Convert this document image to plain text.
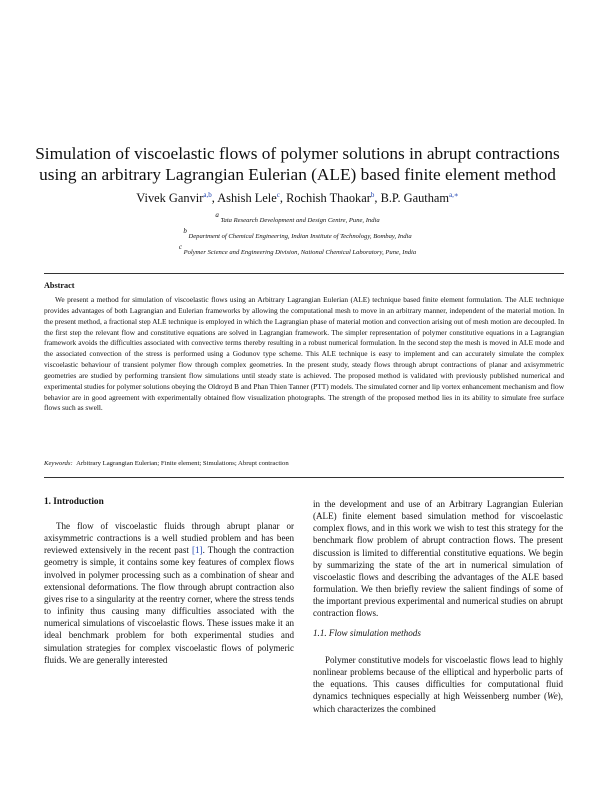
Simulation of viscoelastic flows of polymer solutions in abrupt contractions using an arbitrary Lagrangian Eulerian (ALE) based finite element method
Vivek Ganvir$^{a,b}$, Ashish Lele$^c$, Rochish Thaokar$^b$, B.P. Gautham$^{a,∗}$
$^a$ Tata Research Development and Design Centre, Pune, India
$^b$ Department of Chemical Engineering, Indian Institute of Technology, Bombay, India
$^c$ Polymer Science and Engineering Division, National Chemical Laboratory, Pune, India
Abstract
We present a method for simulation of viscoelastic flows using an Arbitrary Lagrangian Eulerian (ALE) technique based finite element formulation. The ALE technique provides advantages of both Lagrangian and Eulerian frameworks by allowing the computational mesh to move in an arbitrary manner, independent of the material motion. In the present method, a fractional step ALE technique is employed in which the Lagrangian phase of material motion and convection arising out of mesh motion are decoupled. In the first step the relevant flow and constitutive equations are solved in Lagrangian framework. The simpler representation of polymer constitutive equations in a Lagrangian framework avoids the difficulties associated with convective terms thereby resulting in a robust numerical formulation. In the second step the mesh is moved in ALE mode and the associated convection of the stress is performed using a Godunov type scheme. This ALE technique is easy to implement and can accurately simulate the complex viscoelastic behaviour of transient polymer flow through complex geometries. In the present study, steady flows through abrupt contractions of planar and axisymmetric geometries are studied by performing transient flow simulations until steady state is achieved. The proposed method is validated with previously published numerical and experimental studies for polymer solutions obeying the Oldroyd B and Phan Thien Tanner (PTT) models. The simulated corner and lip vortex enhancement mechanism and flow behavior are in good agreement with experimentally obtained flow visualization photographs. The strength of the proposed method lies in its ability to simulate free surface flows such as swell.
Keywords: Arbitrary Lagrangian Eulerian; Finite element; Simulations; Abrupt contraction
1. Introduction
The flow of viscoelastic fluids through abrupt planar or axisymmetric contractions is a well studied problem and has been reviewed extensively in the recent past [1]. Though the contraction geometry is simple, it contains some key features of complex flows involved in polymer processing such as a combination of shear and extensional deformations. The flow through abrupt contraction also gives rise to a singularity at the reentry corner, where the stress tends to infinity thus causing many difficulties associated with the numerical simulations of viscoelastic flows. These issues make it an ideal benchmark problem for both experimental studies and simulation strategies for complex viscoelastic flows of polymeric fluids. We are generally interested
in the development and use of an Arbitrary Lagrangian Eulerian (ALE) finite element based simulation method for viscoelastic complex flows, and in this work we wish to test this strategy for the benchmark flow problem of abrupt contraction flows. The present discussion is limited to differential constitutive equations. We begin by summarizing the state of the art in numerical simulation of viscoelastic flows and describing the advantages of the ALE based formulation. We then briefly review the salient findings of some of the important previous experimental and numerical studies on abrupt contraction flows.
1.1. Flow simulation methods
Polymer constitutive models for viscoelastic flows lead to highly nonlinear problems because of the elliptical and hyperbolic parts of the equations. This causes difficulties for computational fluid dynamics techniques especially at high Weissenberg number (We), which characterizes the combined
